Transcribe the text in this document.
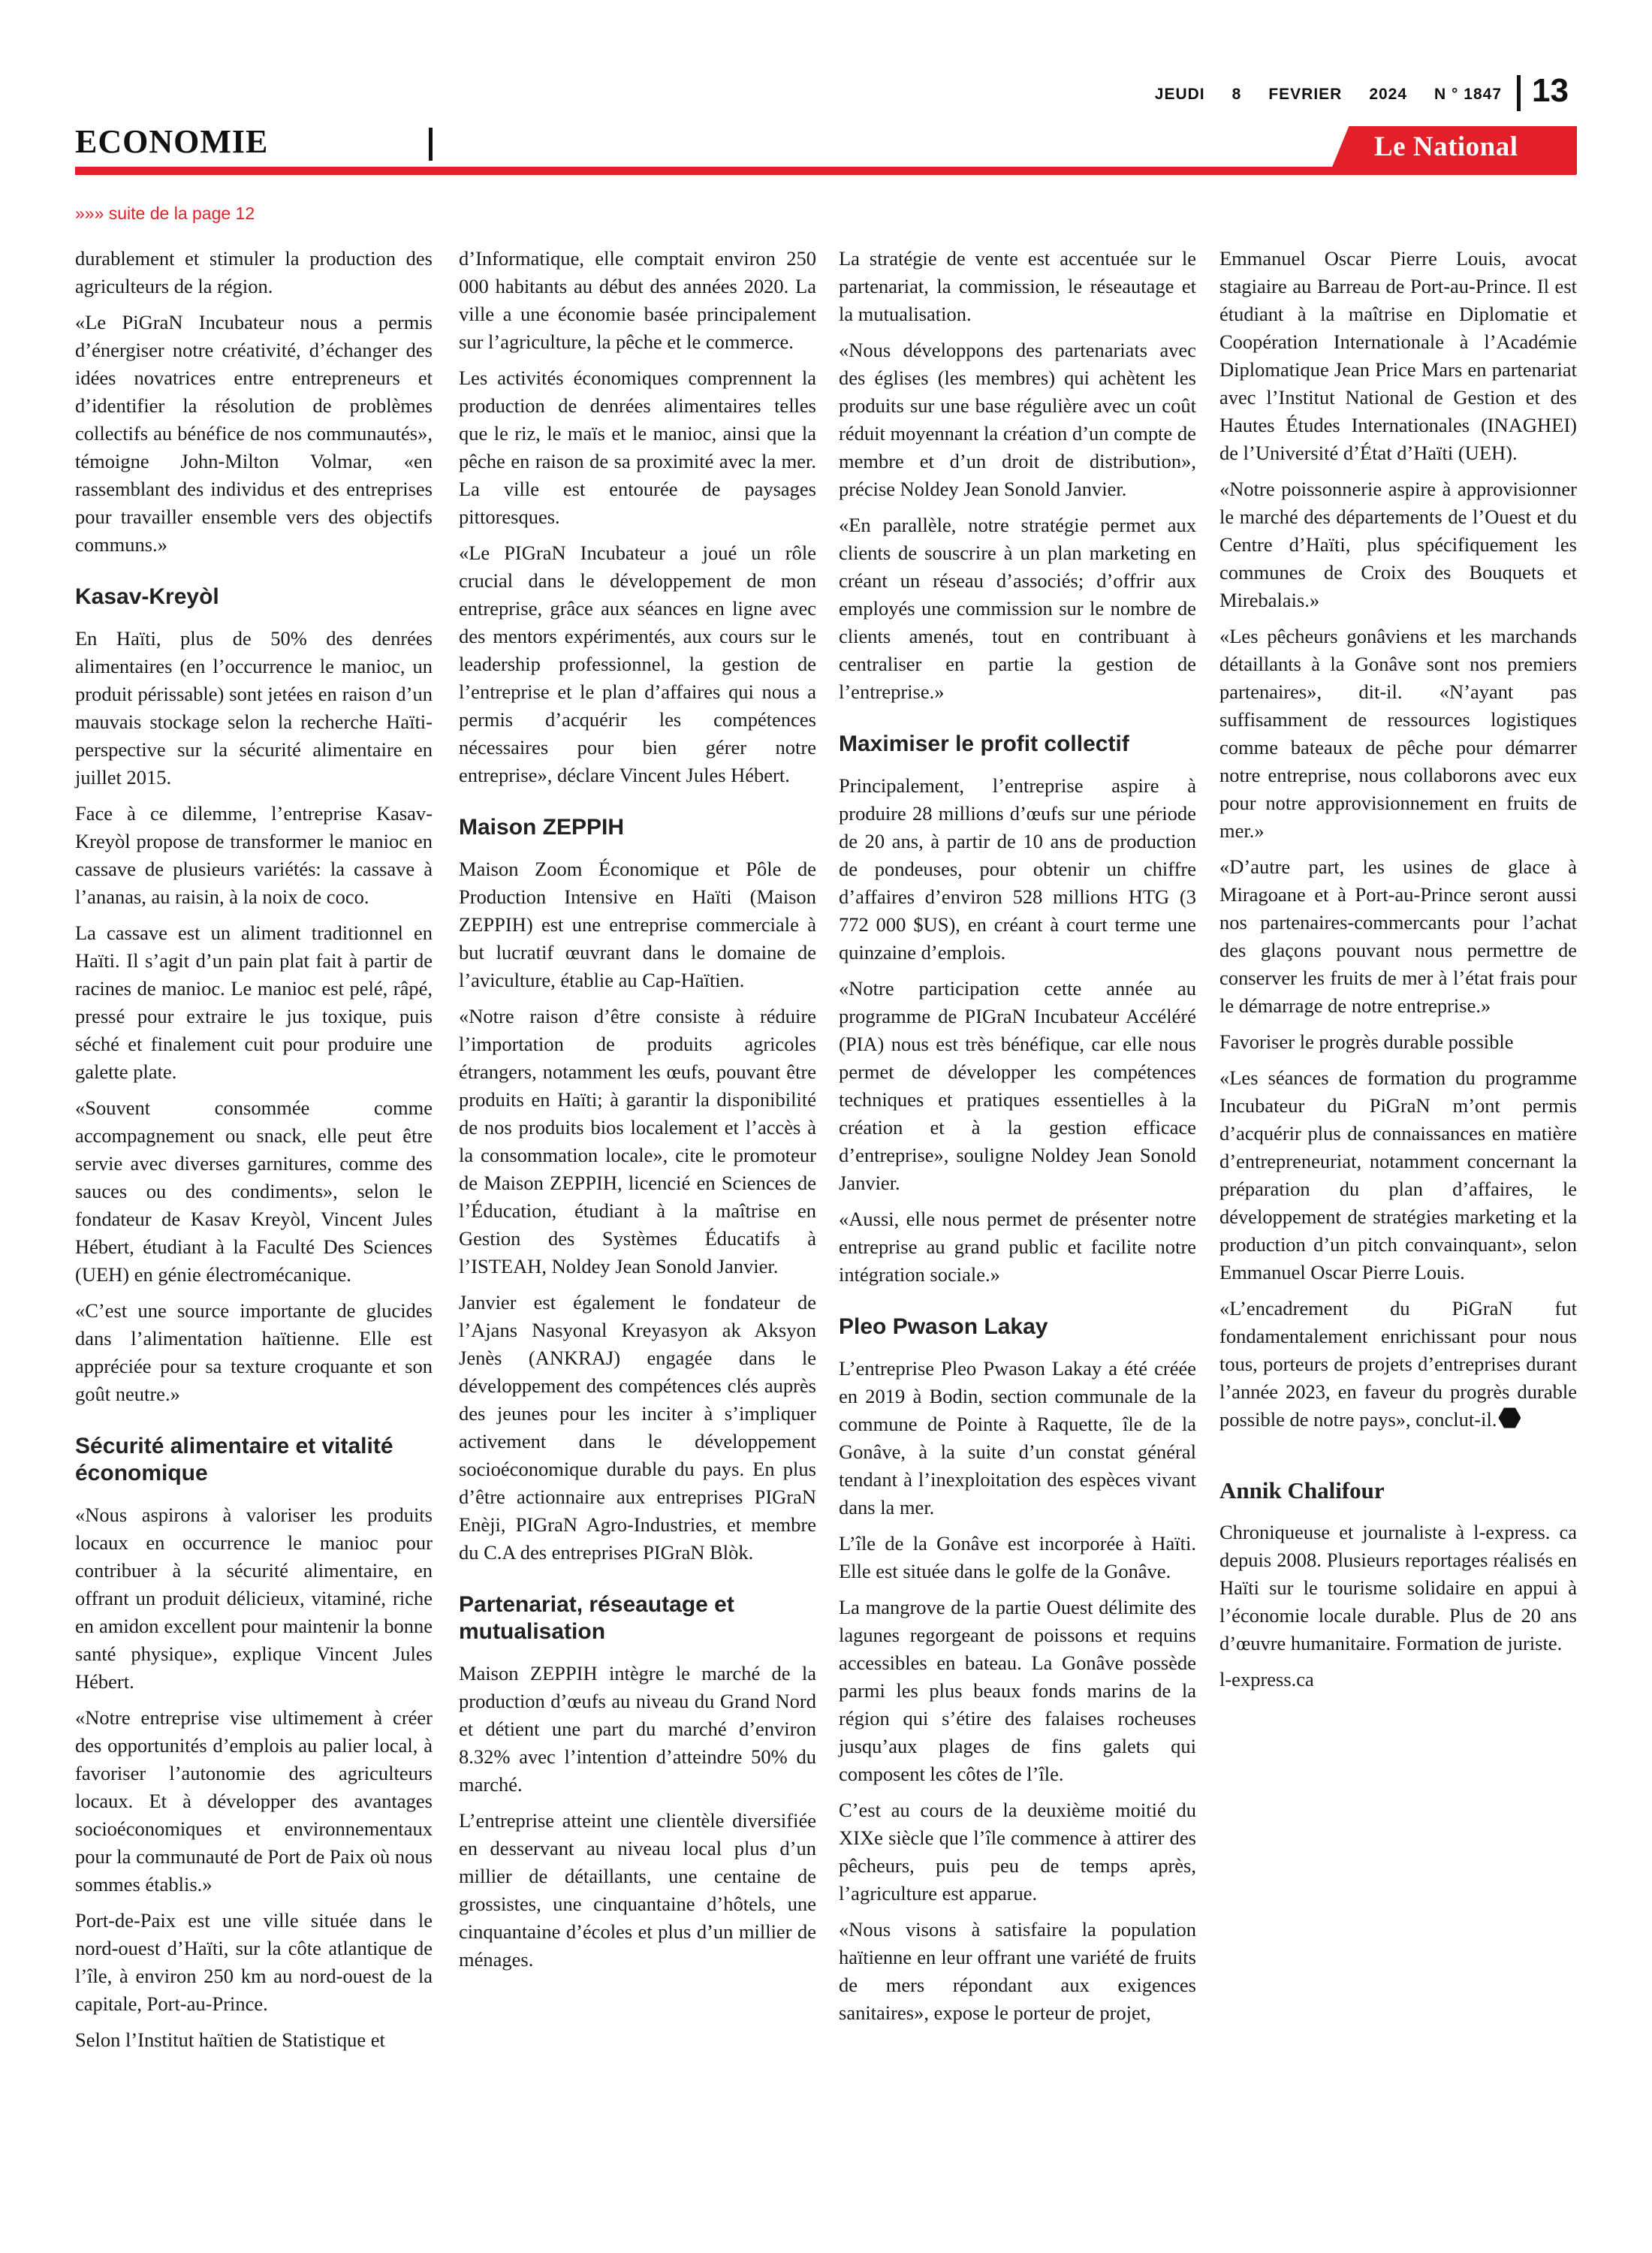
JEUDI 8 FEVRIER 2024 N ° 1847 13
ECONOMIE	Le National
»»» suite de la page 12

durablement et stimuler la production des agriculteurs de la région.

«Le PiGraN Incubateur nous a permis d’énergiser notre créativité, d’échanger des idées novatrices entre entrepreneurs et d’identifier la résolution de problèmes collectifs au bénéfice de nos communautés», témoigne John-Milton Volmar, «en rassemblant des individus et des entreprises pour travailler ensemble vers des objectifs communs.»

Kasav-Kreyòl

En Haïti, plus de 50% des denrées alimentaires (en l’occurrence le manioc, un produit périssable) sont jetées en raison d’un mauvais stockage selon la recherche Haïti-perspective sur la sécurité alimentaire en juillet 2015.

Face à ce dilemme, l’entreprise Kasav-Kreyòl propose de transformer le manioc en cassave de plusieurs variétés: la cassave à l’ananas, au raisin, à la noix de coco.

La cassave est un aliment traditionnel en Haïti. Il s’agit d’un pain plat fait à partir de racines de manioc. Le manioc est pelé, râpé, pressé pour extraire le jus toxique, puis séché et finalement cuit pour produire une galette plate.

«Souvent consommée comme accompagnement ou snack, elle peut être servie avec diverses garnitures, comme des sauces ou des condiments», selon le fondateur de Kasav Kreyòl, Vincent Jules Hébert, étudiant à la Faculté Des Sciences (UEH) en génie électromécanique.

«C’est une source importante de glucides dans l’alimentation haïtienne. Elle est appréciée pour sa texture croquante et son goût neutre.»

Sécurité alimentaire et vitalité économique

«Nous aspirons à valoriser les produits locaux en occurrence le manioc pour contribuer à la sécurité alimentaire, en offrant un produit délicieux, vitaminé, riche en amidon excellent pour maintenir la bonne santé physique», explique Vincent Jules Hébert.

«Notre entreprise vise ultimement à créer des opportunités d’emplois au palier local, à favoriser l’autonomie des agriculteurs locaux. Et à développer des avantages socioéconomiques et environnementaux pour la communauté de Port de Paix où nous sommes établis.»

Port-de-Paix est une ville située dans le nord-ouest d’Haïti, sur la côte atlantique de l’île, à environ 250 km au nord-ouest de la capitale, Port-au-Prince.

Selon l’Institut haïtien de Statistique et

d’Informatique, elle comptait environ 250 000 habitants au début des années 2020. La ville a une économie basée principalement sur l’agriculture, la pêche et le commerce.

Les activités économiques comprennent la production de denrées alimentaires telles que le riz, le maïs et le manioc, ainsi que la pêche en raison de sa proximité avec la mer. La ville est entourée de paysages pittoresques.

«Le PIGraN Incubateur a joué un rôle crucial dans le développement de mon entreprise, grâce aux séances en ligne avec des mentors expérimentés, aux cours sur le leadership professionnel, la gestion de l’entreprise et le plan d’affaires qui nous a permis d’acquérir les compétences nécessaires pour bien gérer notre entreprise», déclare Vincent Jules Hébert.

Maison ZEPPIH

Maison Zoom Économique et Pôle de Production Intensive en Haïti (Maison ZEPPIH) est une entreprise commerciale à but lucratif œuvrant dans le domaine de l’aviculture, établie au Cap-Haïtien.

«Notre raison d’être consiste à réduire l’importation de produits agricoles étrangers, notamment les œufs, pouvant être produits en Haïti; à garantir la disponibilité de nos produits bios localement et l’accès à la consommation locale», cite le promoteur de Maison ZEPPIH, licencié en Sciences de l’Éducation, étudiant à la maîtrise en Gestion des Systèmes Éducatifs à l’ISTEAH, Noldey Jean Sonold Janvier.

Janvier est également le fondateur de l’Ajans Nasyonal Kreyasyon ak Aksyon Jenès (ANKRAJ) engagée dans le développement des compétences clés auprès des jeunes pour les inciter à s’impliquer activement dans le développement socioéconomique durable du pays. En plus d’être actionnaire aux entreprises PIGraN Enèji, PIGraN Agro-Industries, et membre du C.A des entreprises PIGraN Blòk.

Partenariat, réseautage et mutualisation

Maison ZEPPIH intègre le marché de la production d’œufs au niveau du Grand Nord et détient une part du marché d’environ 8.32% avec l’intention d’atteindre 50% du marché.

L’entreprise atteint une clientèle diversifiée en desservant au niveau local plus d’un millier de détaillants, une centaine de grossistes, une cinquantaine d’hôtels, une cinquantaine d’écoles et plus d’un millier de ménages.

La stratégie de vente est accentuée sur le partenariat, la commission, le réseautage et la mutualisation.

«Nous développons des partenariats avec des églises (les membres) qui achètent les produits sur une base régulière avec un coût réduit moyennant la création d’un compte de membre et d’un droit de distribution», précise Noldey Jean Sonold Janvier.

«En parallèle, notre stratégie permet aux clients de souscrire à un plan marketing en créant un réseau d’associés; d’offrir aux employés une commission sur le nombre de clients amenés, tout en contribuant à centraliser en partie la gestion de l’entreprise.»

Maximiser le profit collectif

Principalement, l’entreprise aspire à produire 28 millions d’œufs sur une période de 20 ans, à partir de 10 ans de production de pondeuses, pour obtenir un chiffre d’affaires d’environ 528 millions HTG (3 772 000 $US), en créant à court terme une quinzaine d’emplois.

«Notre participation cette année au programme de PIGraN Incubateur Accéléré (PIA) nous est très bénéfique, car elle nous permet de développer les compétences techniques et pratiques essentielles à la création et à la gestion efficace d’entreprise», souligne Noldey Jean Sonold Janvier.

«Aussi, elle nous permet de présenter notre entreprise au grand public et facilite notre intégration sociale.»

Pleo Pwason Lakay

L’entreprise Pleo Pwason Lakay a été créée en 2019 à Bodin, section communale de la commune de Pointe à Raquette, île de la Gonâve, à la suite d’un constat général tendant à l’inexploitation des espèces vivant dans la mer.

L’île de la Gonâve est incorporée à Haïti. Elle est située dans le golfe de la Gonâve.

La mangrove de la partie Ouest délimite des lagunes regorgeant de poissons et requins accessibles en bateau. La Gonâve possède parmi les plus beaux fonds marins de la région qui s’étire des falaises rocheuses jusqu’aux plages de fins galets qui composent les côtes de l’île.

C’est au cours de la deuxième moitié du XIXe siècle que l’île commence à attirer des pêcheurs, puis peu de temps après, l’agriculture est apparue.

«Nous visons à satisfaire la population haïtienne en leur offrant une variété de fruits de mers répondant aux exigences sanitaires», expose le porteur de projet,

Emmanuel Oscar Pierre Louis, avocat stagiaire au Barreau de Port-au-Prince. Il est étudiant à la maîtrise en Diplomatie et Coopération Internationale à l’Académie Diplomatique Jean Price Mars en partenariat avec l’Institut National de Gestion et des Hautes Études Internationales (INAGHEI) de l’Université d’État d’Haïti (UEH).

«Notre poissonnerie aspire à approvisionner le marché des départements de l’Ouest et du Centre d’Haïti, plus spécifiquement les communes de Croix des Bouquets et Mirebalais.»

«Les pêcheurs gonâviens et les marchands détaillants à la Gonâve sont nos premiers partenaires», dit-il. «N’ayant pas suffisamment de ressources logistiques comme bateaux de pêche pour démarrer notre entreprise, nous collaborons avec eux pour notre approvisionnement en fruits de mer.»

«D’autre part, les usines de glace à Miragoane et à Port-au-Prince seront aussi nos partenaires-commercants pour l’achat des glaçons pouvant nous permettre de conserver les fruits de mer à l’état frais pour le démarrage de notre entreprise.»

Favoriser le progrès durable possible

«Les séances de formation du programme Incubateur du PiGraN m’ont permis d’acquérir plus de connaissances en matière d’entrepreneuriat, notamment concernant la préparation du plan d’affaires, le développement de stratégies marketing et la production d’un pitch convainquant», selon Emmanuel Oscar Pierre Louis.

«L’encadrement du PiGraN fut fondamentalement enrichissant pour nous tous, porteurs de projets d’entreprises durant l’année 2023, en faveur du progrès durable possible de notre pays», conclut-il.

Annik Chalifour

Chroniqueuse et journaliste à l-express. ca depuis 2008. Plusieurs reportages réalisés en Haïti sur le tourisme solidaire en appui à l’économie locale durable. Plus de 20 ans d’œuvre humanitaire. Formation de juriste.

l-express.ca
